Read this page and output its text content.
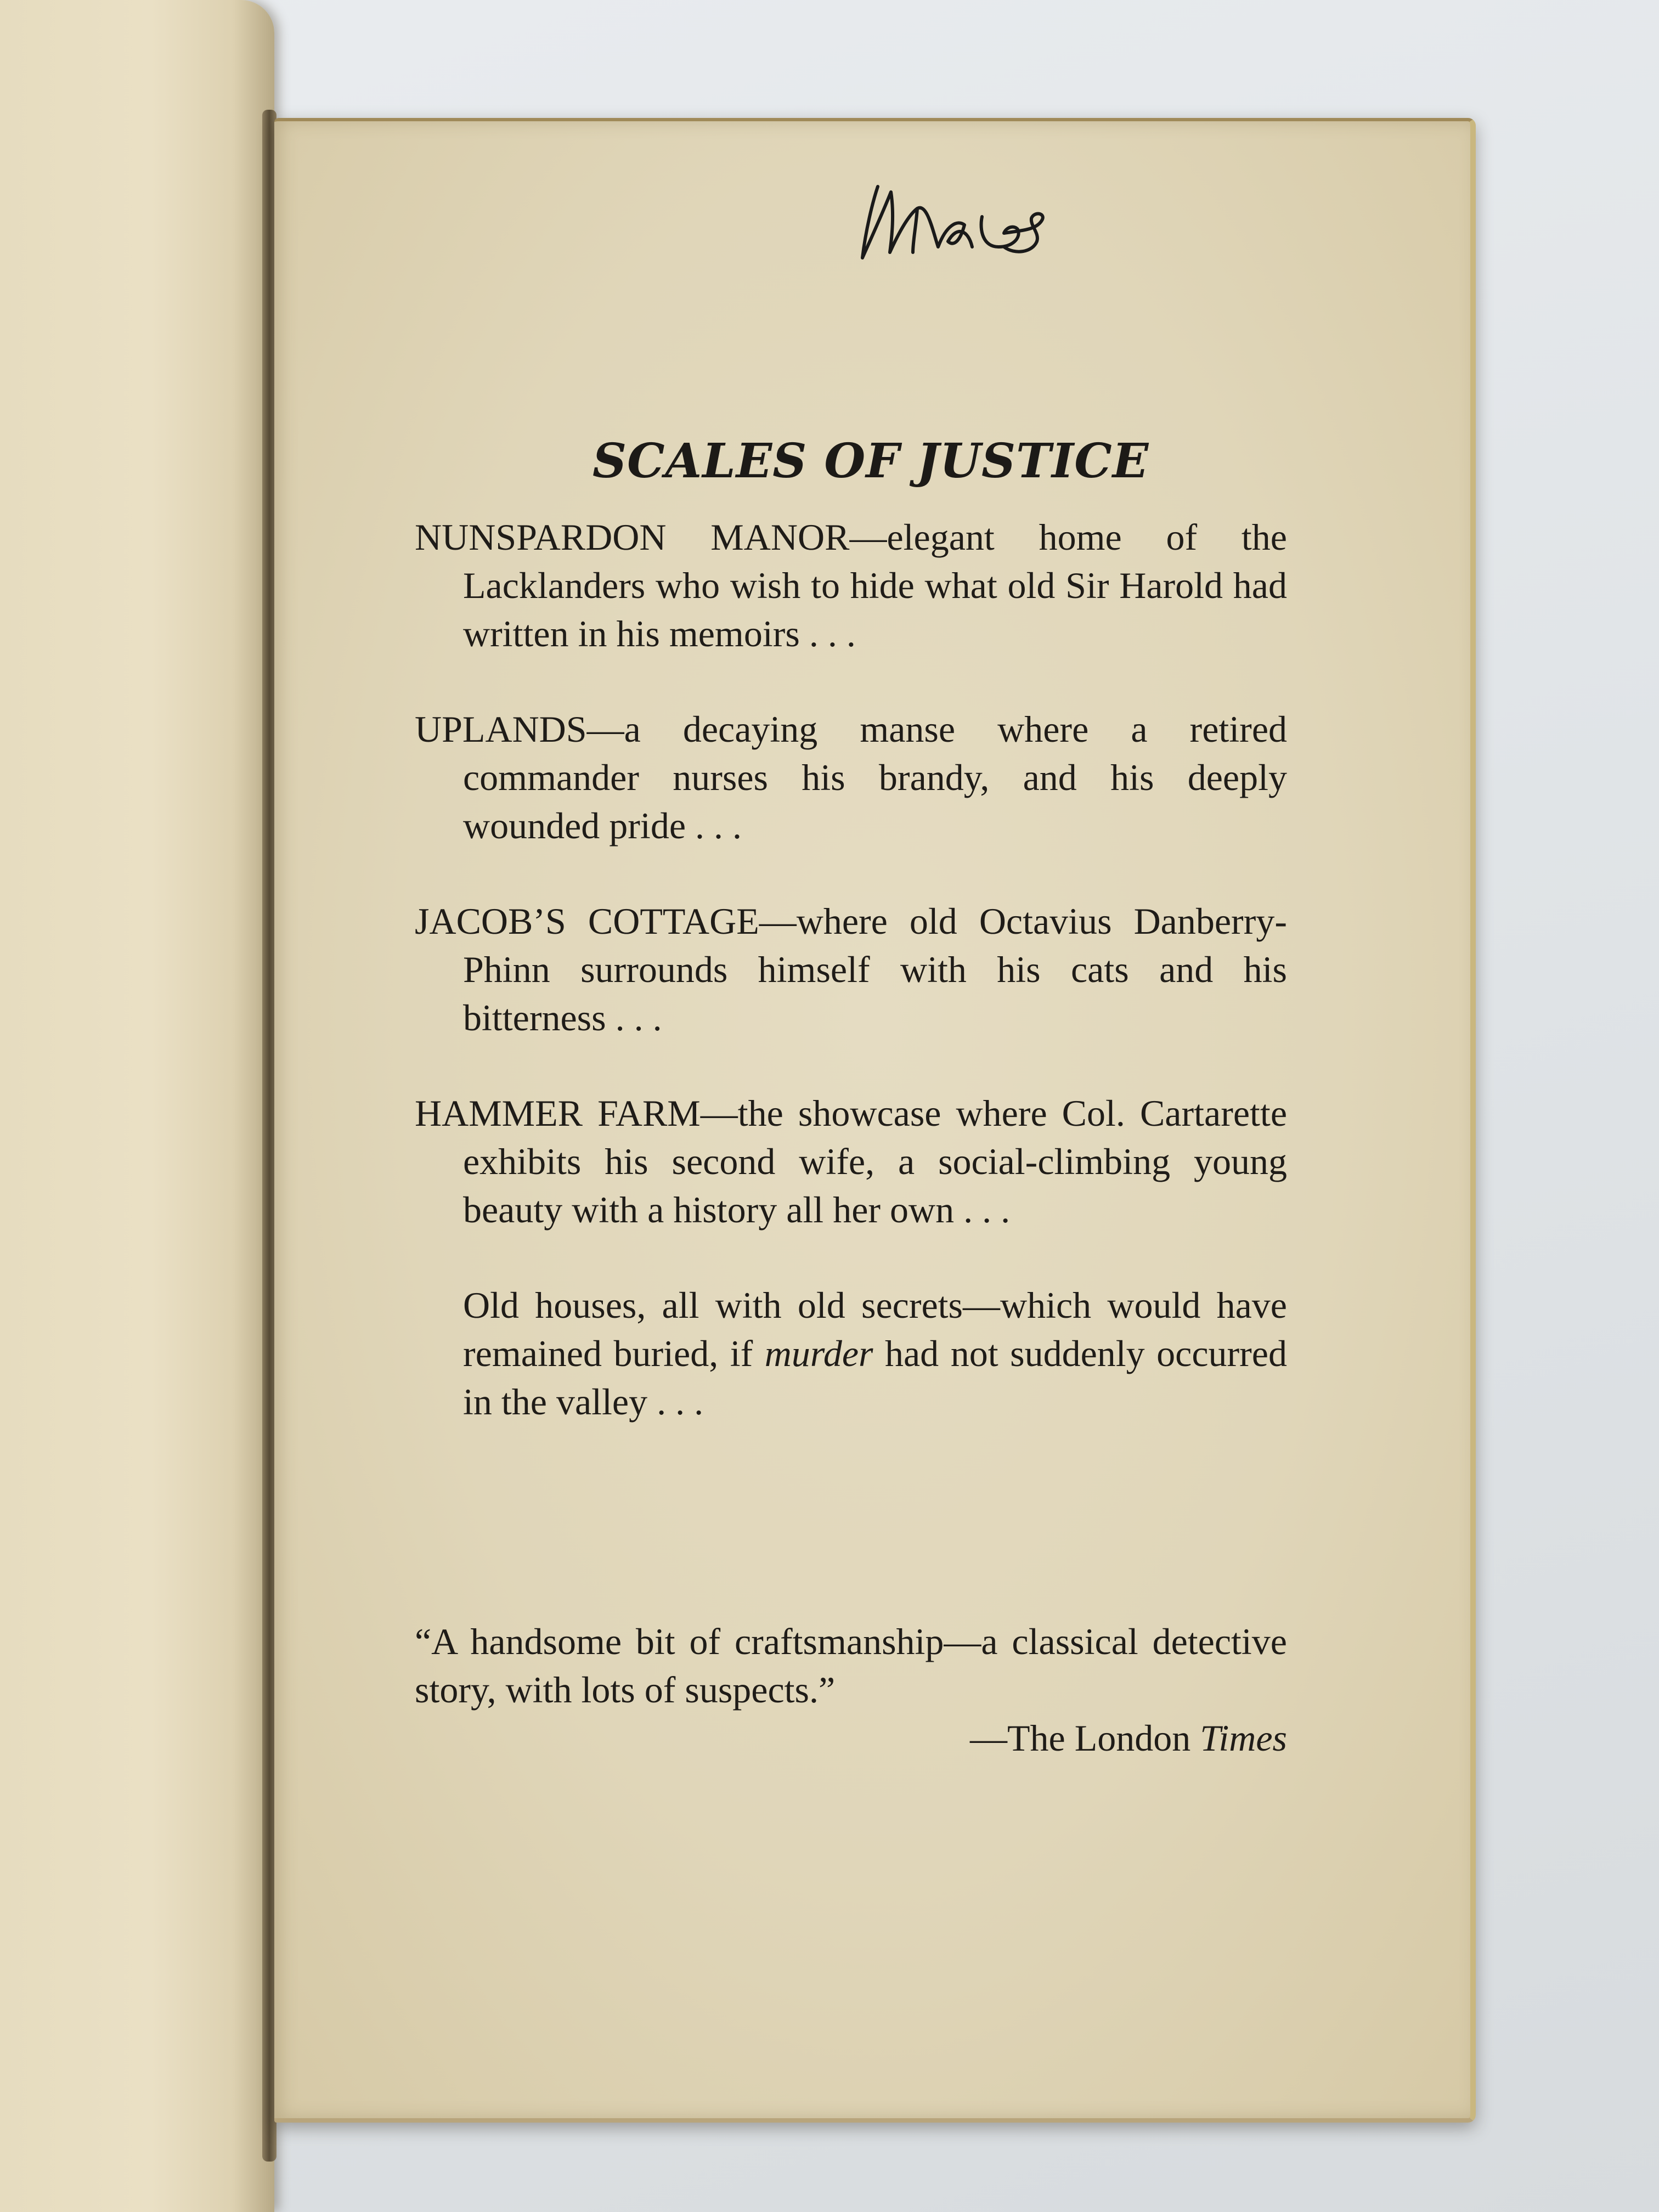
SCALES OF JUSTICE

NUNSPARDON MANOR—elegant home of the Lacklanders who wish to hide what old Sir Harold had written in his memoirs . . .

UPLANDS—a decaying manse where a retired commander nurses his brandy, and his deeply wounded pride . . .

JACOB’S COTTAGE—where old Octavius Danberry-Phinn surrounds himself with his cats and his bitterness . . .

HAMMER FARM—the showcase where Col. Cartarette exhibits his second wife, a social-climbing young beauty with a history all her own . . .

Old houses, all with old secrets—which would have remained buried, if murder had not suddenly occurred in the valley . . .

“A handsome bit of craftsmanship—a classical detective story, with lots of suspects.”
—The London Times
